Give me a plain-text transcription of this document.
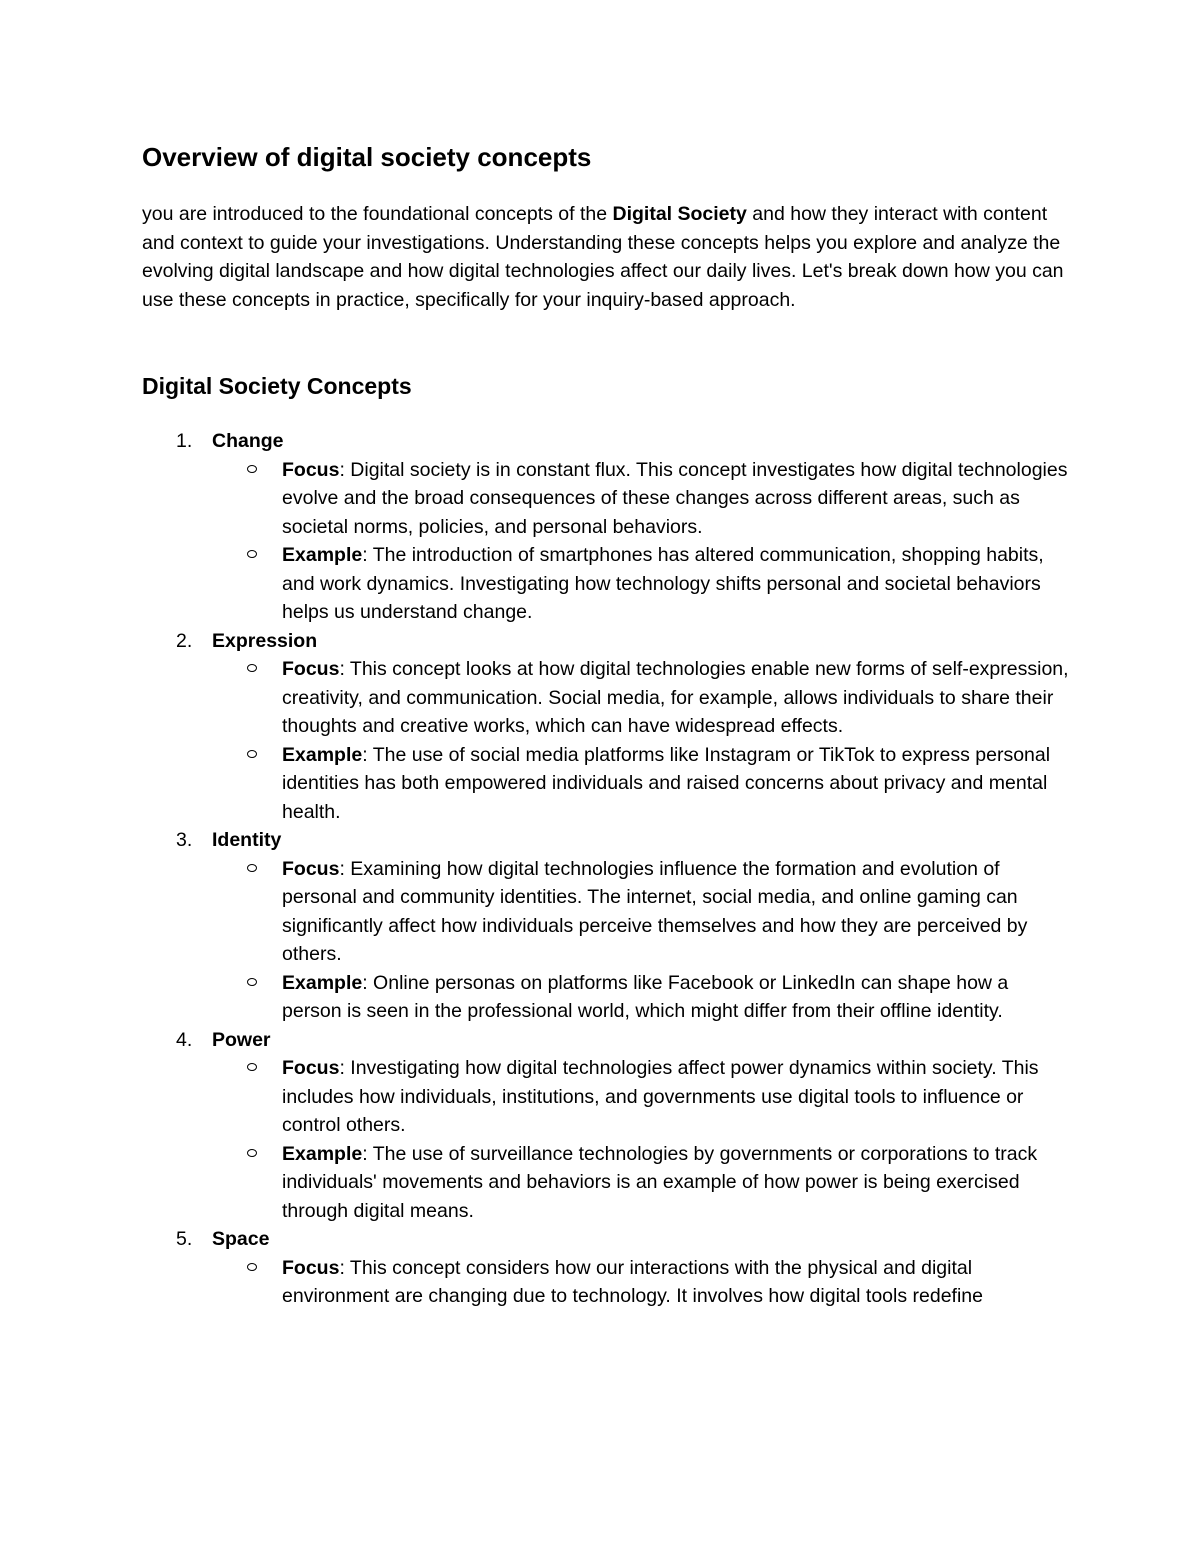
Overview of digital society concepts

you are introduced to the foundational concepts of the Digital Society and how they interact with content and context to guide your investigations. Understanding these concepts helps you explore and analyze the evolving digital landscape and how digital technologies affect our daily lives. Let's break down how you can use these concepts in practice, specifically for your inquiry-based approach.

Digital Society Concepts
1. Change
Focus: Digital society is in constant flux. This concept investigates how digital technologies evolve and the broad consequences of these changes across different areas, such as societal norms, policies, and personal behaviors.
Example: The introduction of smartphones has altered communication, shopping habits, and work dynamics. Investigating how technology shifts personal and societal behaviors helps us understand change.
2. Expression
Focus: This concept looks at how digital technologies enable new forms of self-expression, creativity, and communication. Social media, for example, allows individuals to share their thoughts and creative works, which can have widespread effects.
Example: The use of social media platforms like Instagram or TikTok to express personal identities has both empowered individuals and raised concerns about privacy and mental health.
3. Identity
Focus: Examining how digital technologies influence the formation and evolution of personal and community identities. The internet, social media, and online gaming can significantly affect how individuals perceive themselves and how they are perceived by others.
Example: Online personas on platforms like Facebook or LinkedIn can shape how a person is seen in the professional world, which might differ from their offline identity.
4. Power
Focus: Investigating how digital technologies affect power dynamics within society. This includes how individuals, institutions, and governments use digital tools to influence or control others.
Example: The use of surveillance technologies by governments or corporations to track individuals' movements and behaviors is an example of how power is being exercised through digital means.
5. Space
Focus: This concept considers how our interactions with the physical and digital environment are changing due to technology. It involves how digital tools redefine
